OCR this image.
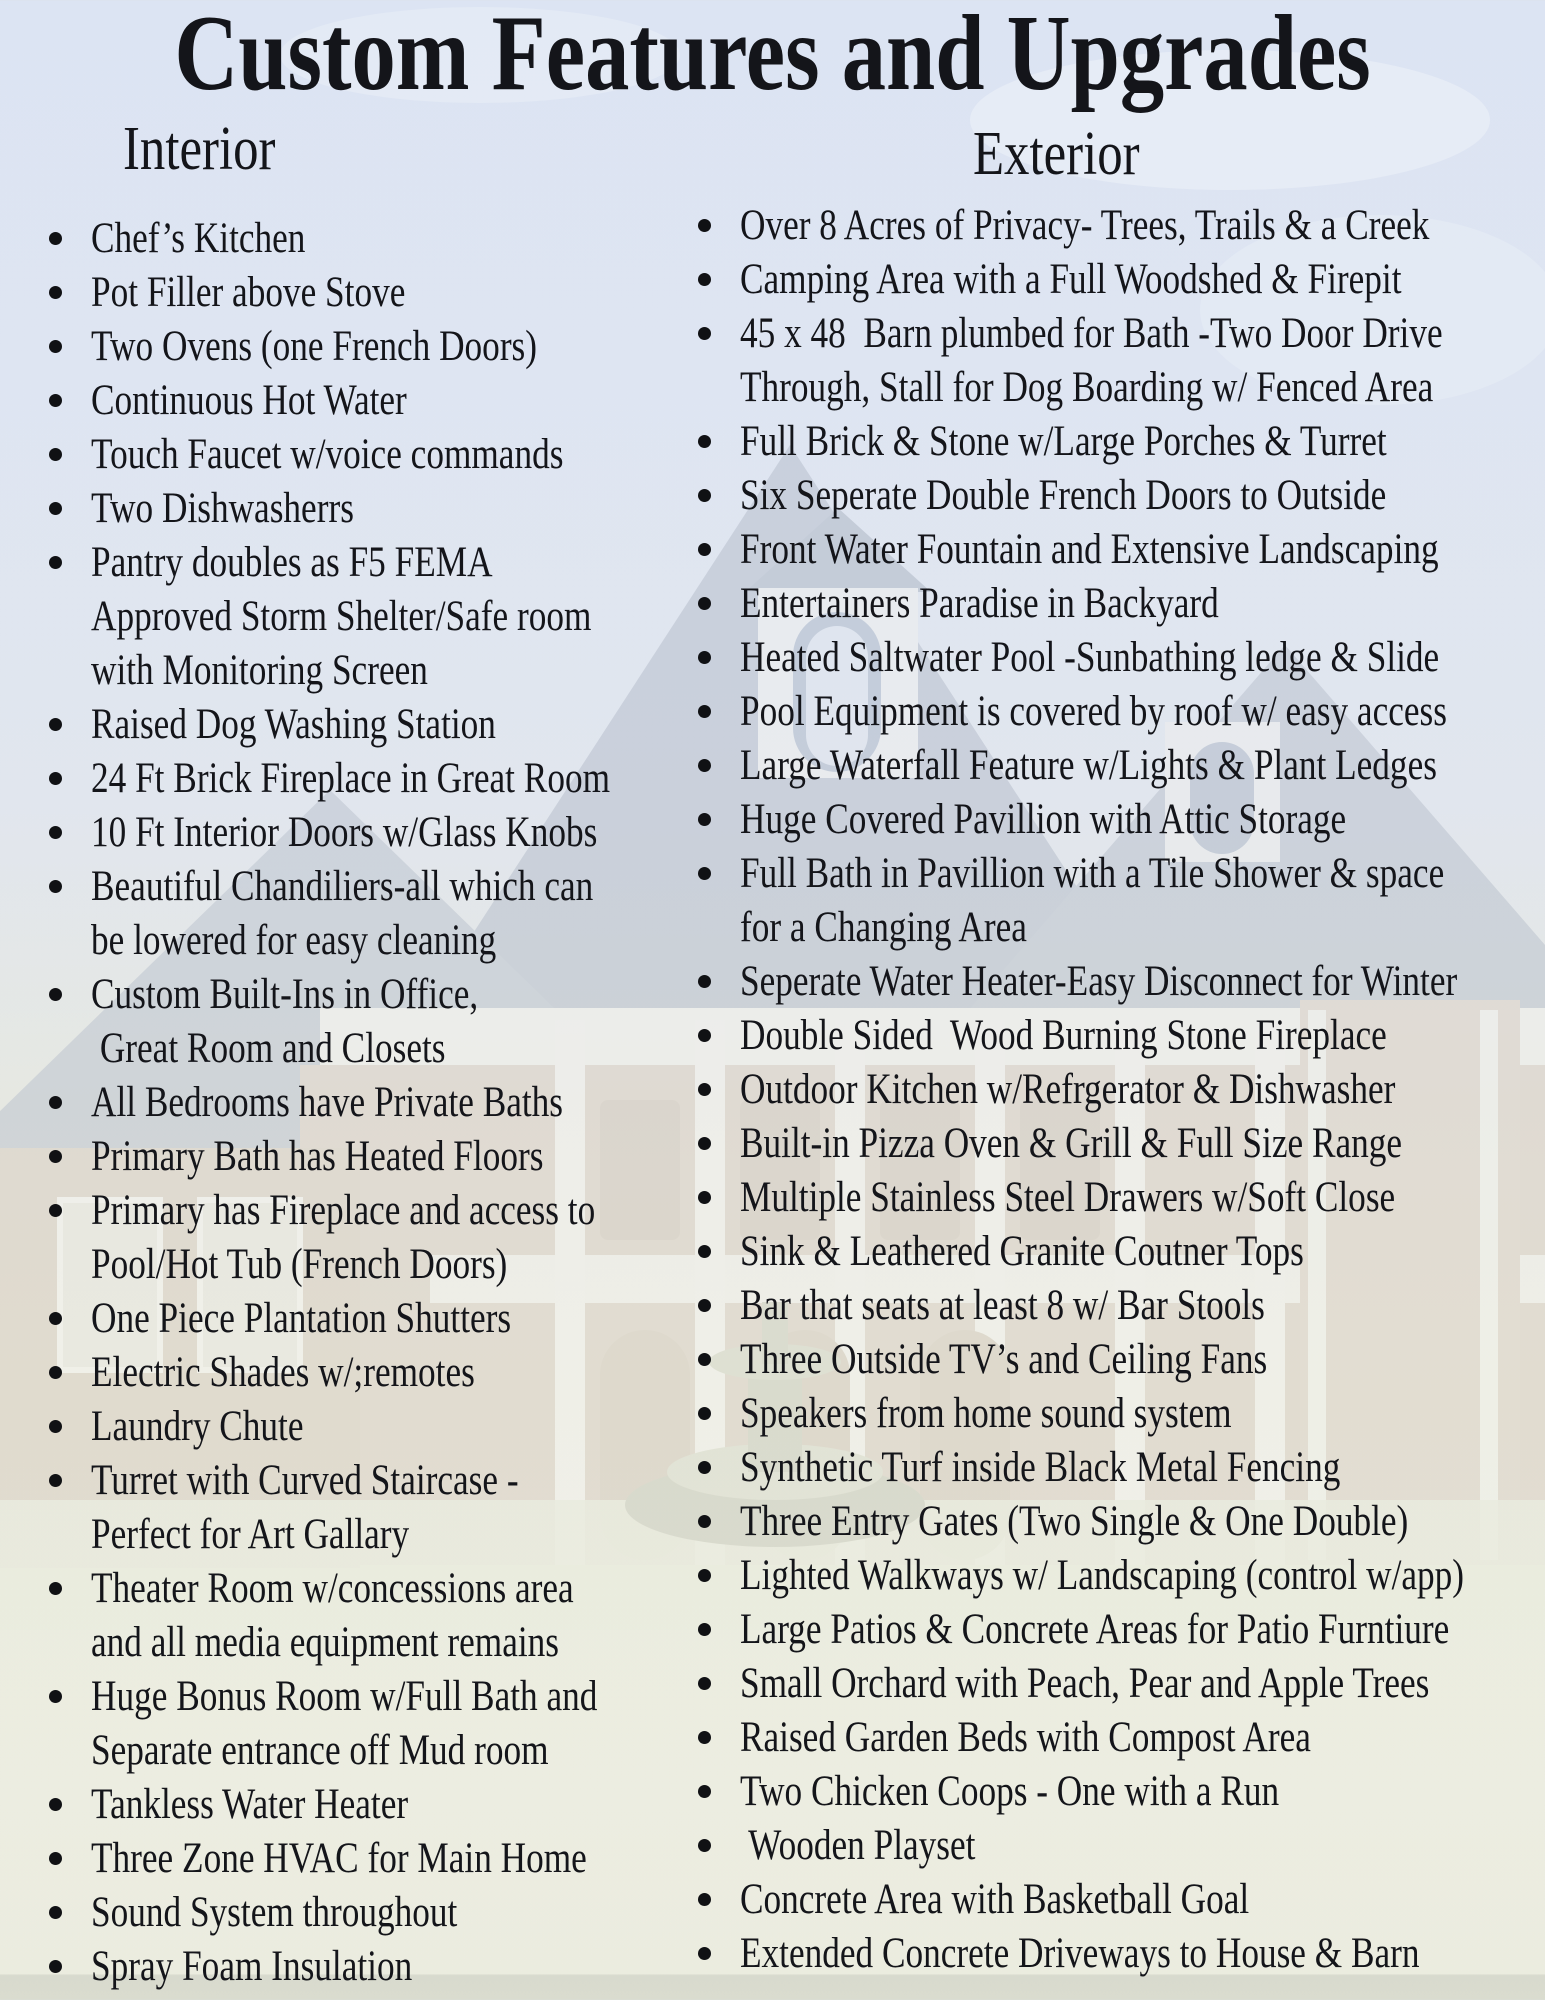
Custom Features and Upgrades
Interior	Exterior
Chef’s Kitchen
Pot Filler above Stove
Two Ovens (one French Doors)
Continuous Hot Water
Touch Faucet w/voice commands
Two Dishwasherrs
Pantry doubles as F5 FEMA
Approved Storm Shelter/Safe room
with Monitoring Screen
Raised Dog Washing Station
24 Ft Brick Fireplace in Great Room
10 Ft Interior Doors w/Glass Knobs
Beautiful Chandiliers-all which can
be lowered for easy cleaning
Custom Built-Ins in Office,
Great Room and Closets
All Bedrooms have Private Baths
Primary Bath has Heated Floors
Primary has Fireplace and access to
Pool/Hot Tub (French Doors)
One Piece Plantation Shutters
Electric Shades w/;remotes
Laundry Chute
Turret with Curved Staircase -
Perfect for Art Gallary
Theater Room w/concessions area
and all media equipment remains
Huge Bonus Room w/Full Bath and
Separate entrance off Mud room
Tankless Water Heater
Three Zone HVAC for Main Home
Sound System throughout
Spray Foam Insulation
Over 8 Acres of Privacy- Trees, Trails & a Creek
Camping Area with a Full Woodshed & Firepit
45 x 48  Barn plumbed for Bath -Two Door Drive
Through, Stall for Dog Boarding w/ Fenced Area
Full Brick & Stone w/Large Porches & Turret
Six Seperate Double French Doors to Outside
Front Water Fountain and Extensive Landscaping
Entertainers Paradise in Backyard
Heated Saltwater Pool -Sunbathing ledge & Slide
Pool Equipment is covered by roof w/ easy access
Large Waterfall Feature w/Lights & Plant Ledges
Huge Covered Pavillion with Attic Storage
Full Bath in Pavillion with a Tile Shower & space
for a Changing Area
Seperate Water Heater-Easy Disconnect for Winter
Double Sided  Wood Burning Stone Fireplace
Outdoor Kitchen w/Refrgerator & Dishwasher
Built-in Pizza Oven & Grill & Full Size Range
Multiple Stainless Steel Drawers w/Soft Close
Sink & Leathered Granite Coutner Tops
Bar that seats at least 8 w/ Bar Stools
Three Outside TV’s and Ceiling Fans
Speakers from home sound system
Synthetic Turf inside Black Metal Fencing
Three Entry Gates (Two Single & One Double)
Lighted Walkways w/ Landscaping (control w/app)
Large Patios & Concrete Areas for Patio Furntiure
Small Orchard with Peach, Pear and Apple Trees
Raised Garden Beds with Compost Area
Two Chicken Coops - One with a Run
Wooden Playset
Concrete Area with Basketball Goal
Extended Concrete Driveways to House & Barn
